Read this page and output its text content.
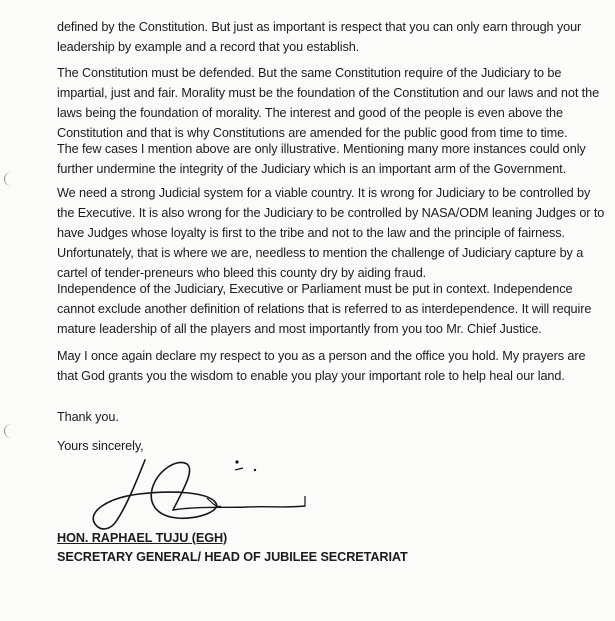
defined by the Constitution. But just as important is respect that you can only earn through your leadership by example and a record that you establish.

The Constitution must be defended. But the same Constitution require of the Judiciary to be impartial, just and fair. Morality must be the foundation of the Constitution and our laws and not the laws being the foundation of morality. The interest and good of the people is even above the Constitution and that is why Constitutions are amended for the public good from time to time.

The few cases I mention above are only illustrative. Mentioning many more instances could only further undermine the integrity of the Judiciary which is an important arm of the Government.

We need a strong Judicial system for a viable country. It is wrong for Judiciary to be controlled by the Executive. It is also wrong for the Judiciary to be controlled by NASA/ODM leaning Judges or to have Judges whose loyalty is first to the tribe and not to the law and the principle of fairness. Unfortunately, that is where we are, needless to mention the challenge of Judiciary capture by a cartel of tender-preneurs who bleed this county dry by aiding fraud.

Independence of the Judiciary, Executive or Parliament must be put in context. Independence cannot exclude another definition of relations that is referred to as interdependence. It will require mature leadership of all the players and most importantly from you too Mr. Chief Justice.

May I once again declare my respect to you as a person and the office you hold. My prayers are that God grants you the wisdom to enable you play your important role to help heal our land.

Thank you.
Yours sincerely,
HON. RAPHAEL TUJU (EGH)
SECRETARY GENERAL/ HEAD OF JUBILEE SECRETARIAT
